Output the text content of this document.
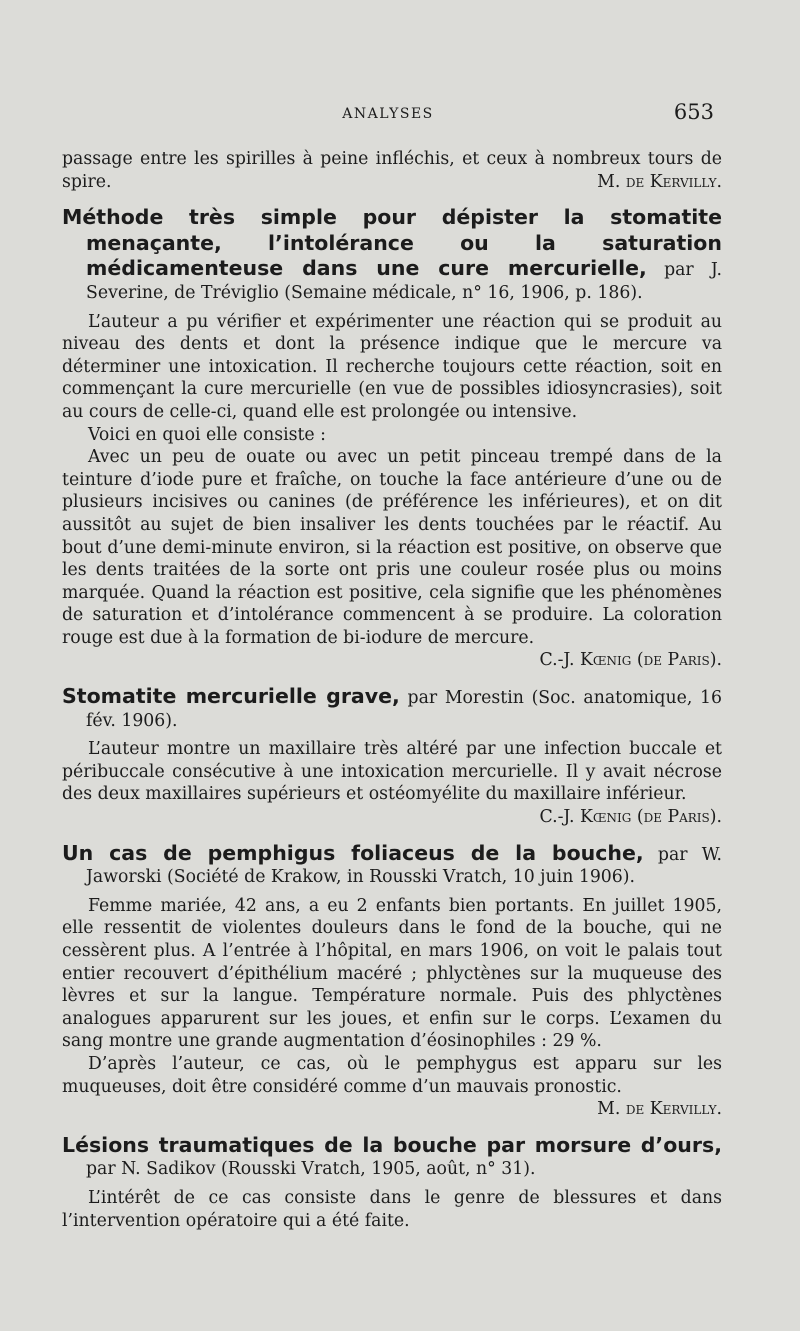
ANALYSES	653

passage entre les spirilles à peine infléchis, et ceux à nombreux tours de spire.	M. de Kervilly.

Méthode très simple pour dépister la stomatite menaçante, l’intolérance ou la saturation médicamenteuse dans une cure mercurielle, par J. Severine, de Tréviglio (Semaine médicale, n° 16, 1906, p. 186).

L’auteur a pu vérifier et expérimenter une réaction qui se produit au niveau des dents et dont la présence indique que le mercure va déterminer une intoxication. Il recherche toujours cette réaction, soit en commençant la cure mercurielle (en vue de possibles idiosyncrasies), soit au cours de celle-ci, quand elle est prolongée ou intensive.

Voici en quoi elle consiste :

Avec un peu de ouate ou avec un petit pinceau trempé dans de la teinture d’iode pure et fraîche, on touche la face antérieure d’une ou de plusieurs incisives ou canines (de préférence les inférieures), et on dit aussitôt au sujet de bien insaliver les dents touchées par le réactif. Au bout d’une demi-minute environ, si la réaction est positive, on observe que les dents traitées de la sorte ont pris une couleur rosée plus ou moins marquée. Quand la réaction est positive, cela signifie que les phénomènes de saturation et d’intolérance commencent à se produire. La coloration rouge est due à la formation de bi-iodure de mercure.

C.-J. Kœnig (de Paris).

Stomatite mercurielle grave, par Morestin (Soc. anatomique, 16 fév. 1906).

L’auteur montre un maxillaire très altéré par une infection buccale et péribuccale consécutive à une intoxication mercurielle. Il y avait nécrose des deux maxillaires supérieurs et ostéomyélite du maxillaire inférieur.

C.-J. Kœnig (de Paris).

Un cas de pemphigus foliaceus de la bouche, par W. Jaworski (Société de Krakow, in Rousski Vratch, 10 juin 1906).

Femme mariée, 42 ans, a eu 2 enfants bien portants. En juillet 1905, elle ressentit de violentes douleurs dans le fond de la bouche, qui ne cessèrent plus. A l’entrée à l’hôpital, en mars 1906, on voit le palais tout entier recouvert d’épithélium macéré ; phlyctènes sur la muqueuse des lèvres et sur la langue. Température normale. Puis des phlyctènes analogues apparurent sur les joues, et enfin sur le corps. L’examen du sang montre une grande augmentation d’éosinophiles : 29 %.

D’après l’auteur, ce cas, où le pemphygus est apparu sur les muqueuses, doit être considéré comme d’un mauvais pronostic.

M. de Kervilly.

Lésions traumatiques de la bouche par morsure d’ours, par N. Sadikov (Rousski Vratch, 1905, août, n° 31).

L’intérêt de ce cas consiste dans le genre de blessures et dans l’intervention opératoire qui a été faite.
